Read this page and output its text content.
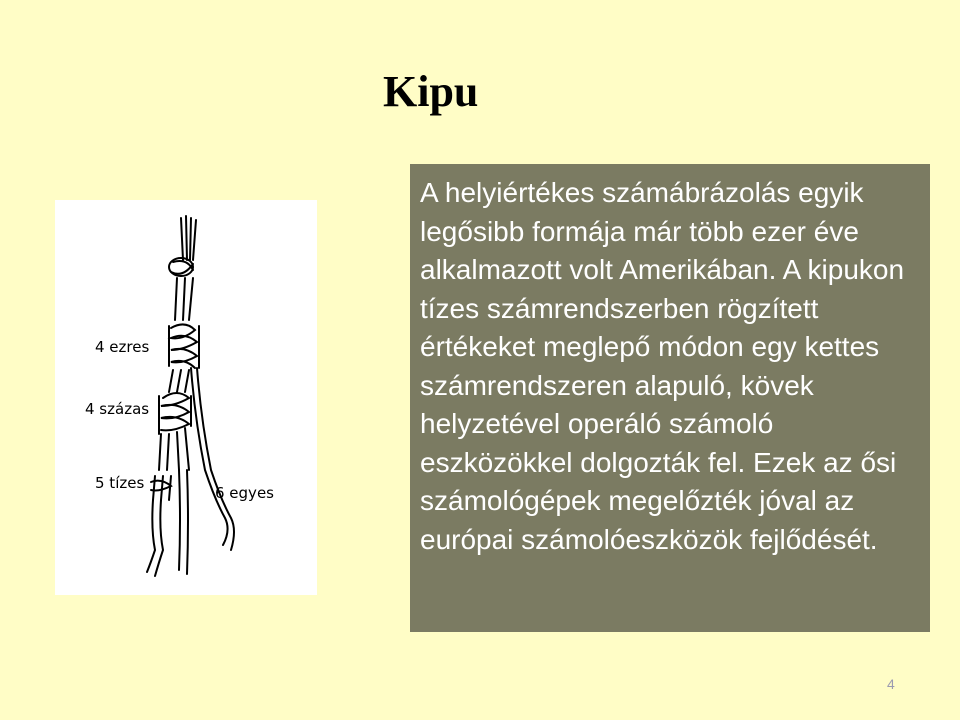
Kipu
4 ezres
4 százas
5 tízes
6 egyes

A helyiértékes számábrázolás egyik legősibb formája már több ezer éve alkalmazott volt Amerikában. A kipukon tízes számrendszerben rögzített értékeket meglepő módon egy kettes számrendszeren alapuló, kövek helyzetével operáló számoló eszközökkel dolgozták fel. Ezek az ősi számológépek megelőzték jóval az európai számolóeszközök fejlődését.

4
